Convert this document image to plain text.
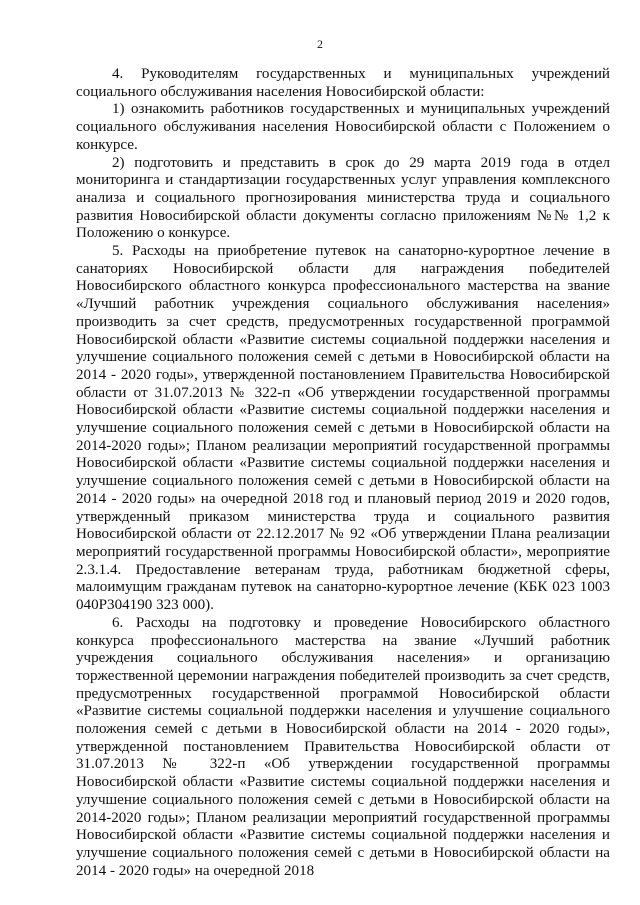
2

4. Руководителям государственных и муниципальных учреждений социального обслуживания населения Новосибирской области:

1) ознакомить работников государственных и муниципальных учреждений социального обслуживания населения Новосибирской области с Положением о конкурсе.

2) подготовить и представить в срок до 29 марта 2019 года в отдел мониторинга и стандартизации государственных услуг управления комплексного анализа и социального прогнозирования министерства труда и социального развития Новосибирской области документы согласно приложениям №№ 1,2 к Положению о конкурсе.

5. Расходы на приобретение путевок на санаторно-курортное лечение в санаториях Новосибирской области для награждения победителей Новосибирского областного конкурса профессионального мастерства на звание «Лучший работник учреждения социального обслуживания населения» производить за счет средств, предусмотренных государственной программой Новосибирской области «Развитие системы социальной поддержки населения и улучшение социального положения семей с детьми в Новосибирской области на 2014 - 2020 годы», утвержденной постановлением Правительства Новосибирской области от 31.07.2013 № 322-п «Об утверждении государственной программы Новосибирской области «Развитие системы социальной поддержки населения и улучшение социального положения семей с детьми в Новосибирской области на 2014-2020 годы»; Планом реализации мероприятий государственной программы Новосибирской области «Развитие системы социальной поддержки населения и улучшение социального положения семей с детьми в Новосибирской области на 2014 - 2020 годы» на очередной 2018 год и плановый период 2019 и 2020 годов, утвержденный приказом министерства труда и социального развития Новосибирской области от 22.12.2017 № 92 «Об утверждении Плана реализации мероприятий государственной программы Новосибирской области», мероприятие 2.3.1.4. Предоставление ветеранам труда, работникам бюджетной сферы, малоимущим гражданам путевок на санаторно-курортное лечение (КБК 023 1003 040Р304190 323 000).

6. Расходы на подготовку и проведение Новосибирского областного конкурса профессионального мастерства на звание «Лучший работник учреждения социального обслуживания населения» и организацию торжественной церемонии награждения победителей производить за счет средств, предусмотренных государственной программой Новосибирской области «Развитие системы социальной поддержки населения и улучшение социального положения семей с детьми в Новосибирской области на 2014 - 2020 годы», утвержденной постановлением Правительства Новосибирской области от 31.07.2013 № 322-п «Об утверждении государственной программы Новосибирской области «Развитие системы социальной поддержки населения и улучшение социального положения семей с детьми в Новосибирской области на 2014-2020 годы»; Планом реализации мероприятий государственной программы Новосибирской области «Развитие системы социальной поддержки населения и улучшение социального положения семей с детьми в Новосибирской области на 2014 - 2020 годы» на очередной 2018
